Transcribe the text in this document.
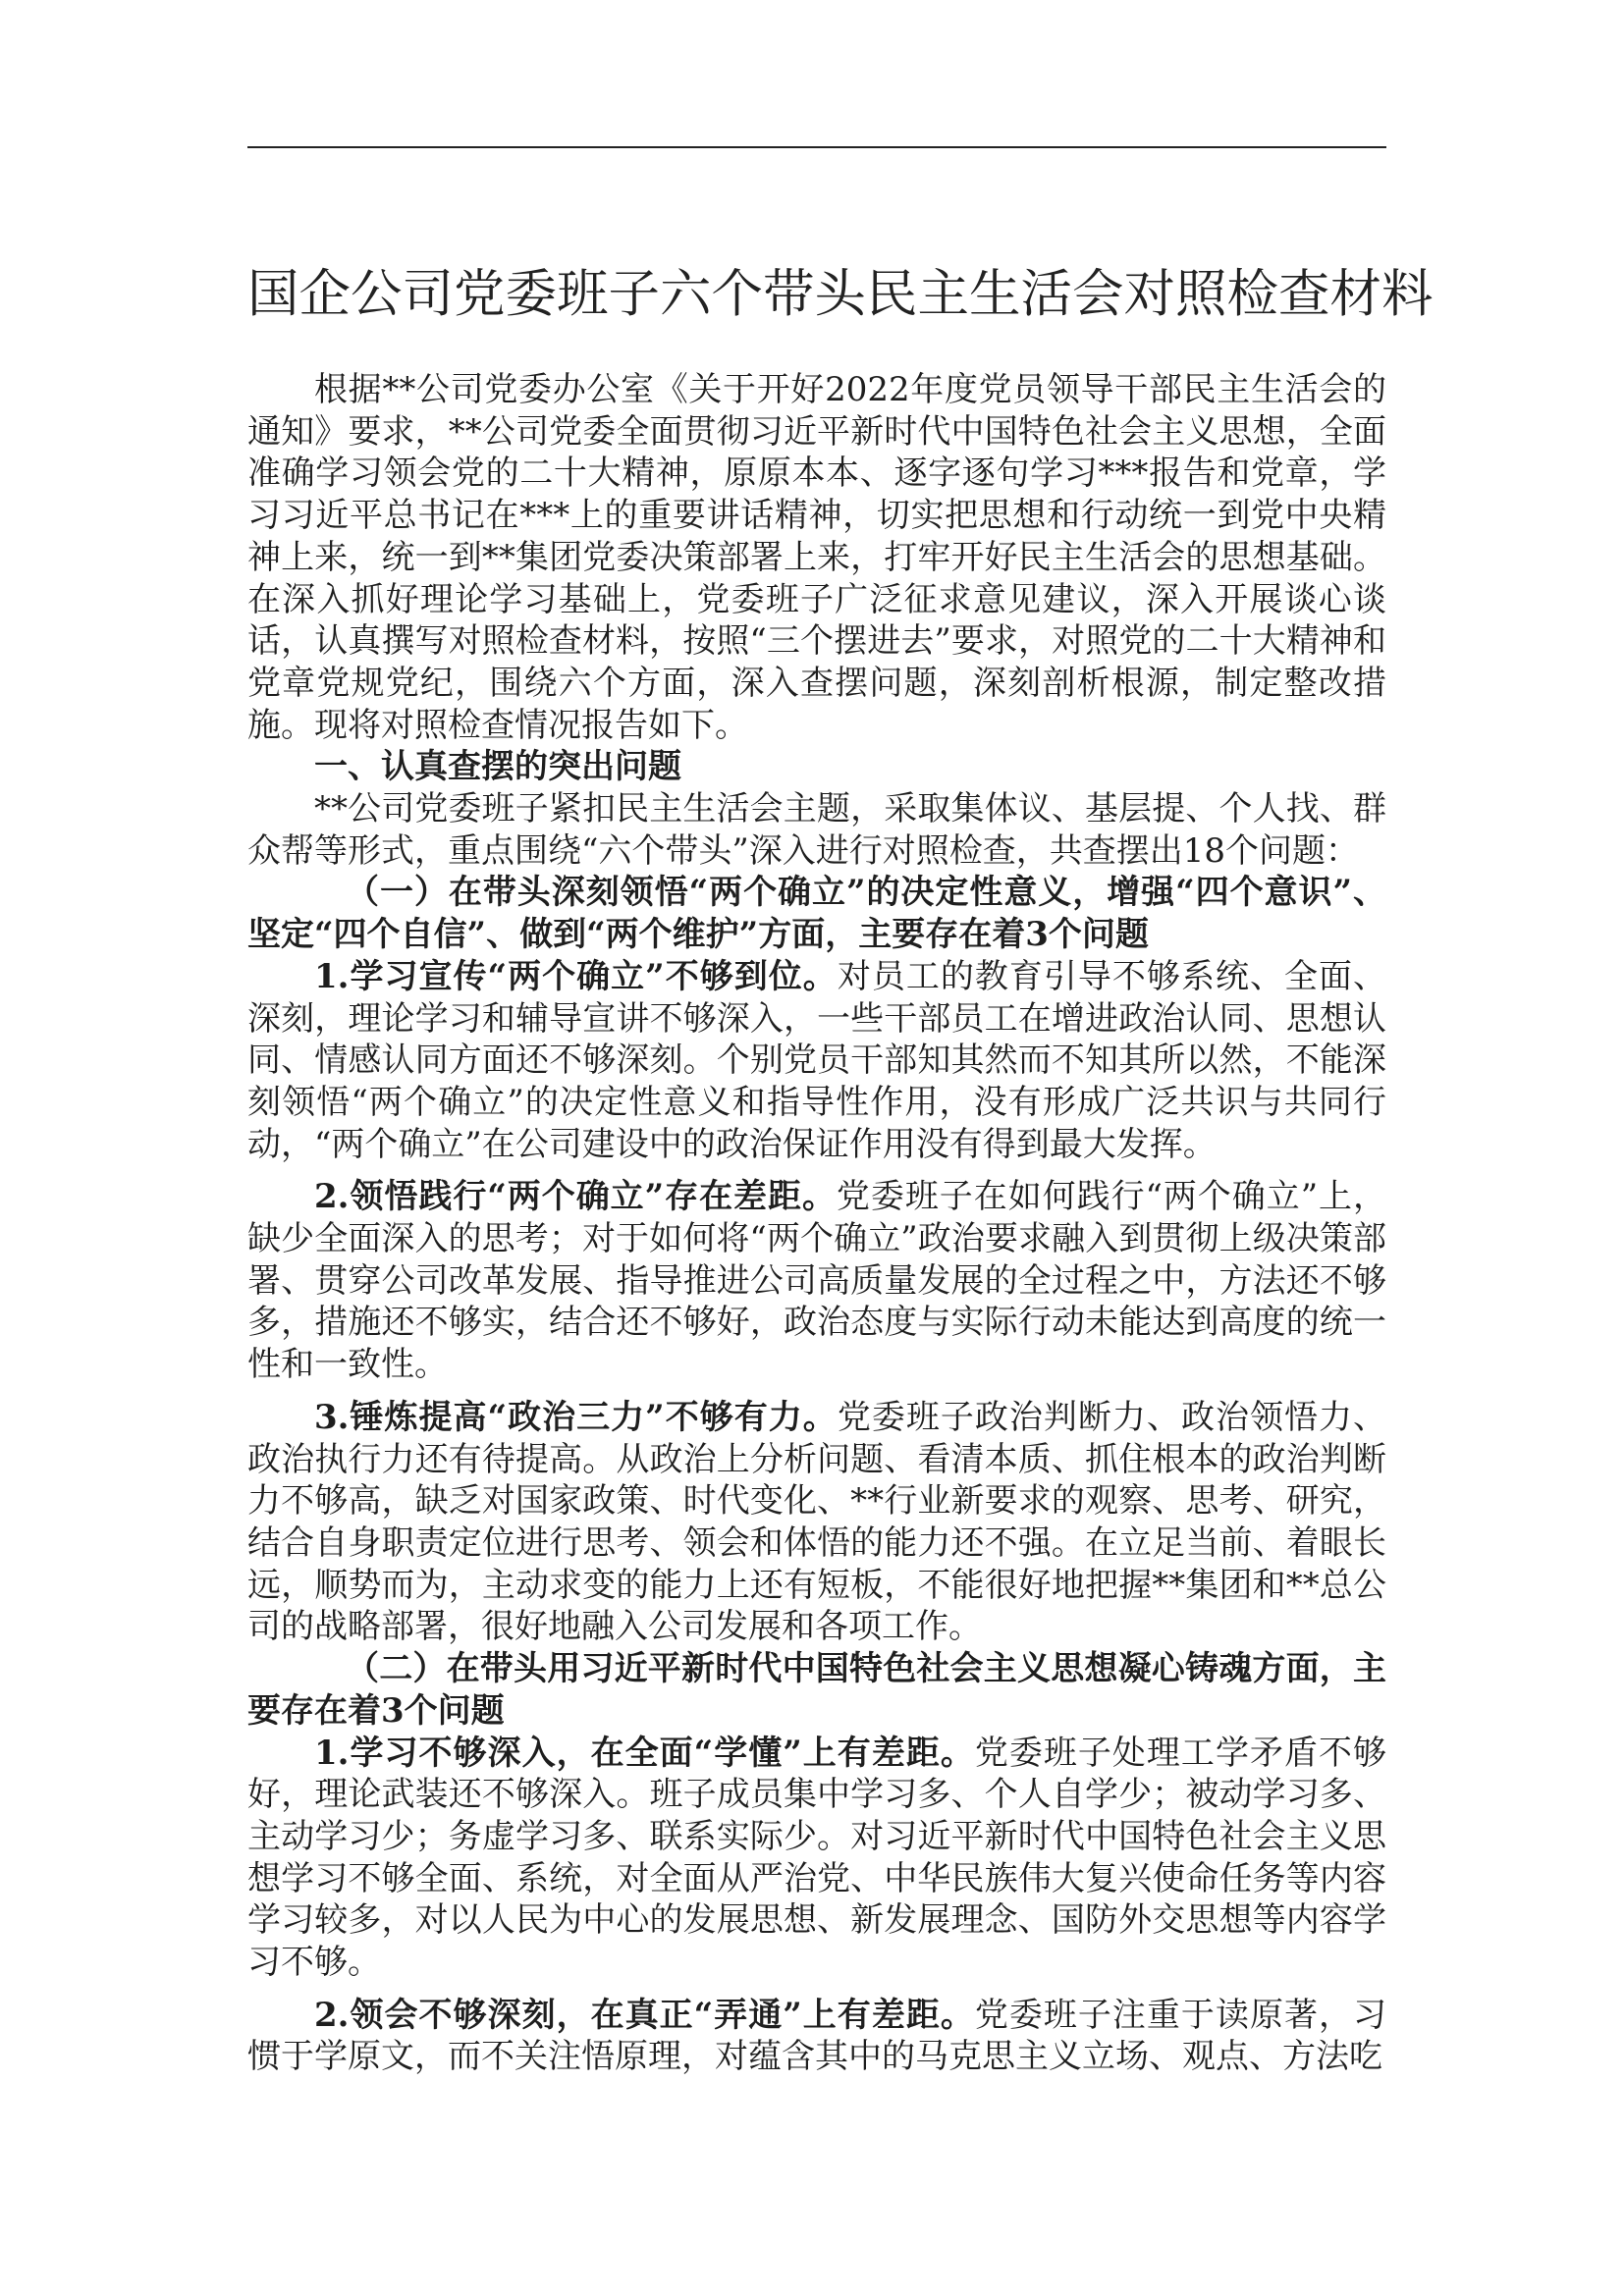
国企公司党委班子六个带头民主生活会对照检查材料

根据**公司党委办公室《关于开好2022年度党员领导干部民主生活会的通知》要求，**公司党委全面贯彻习近平新时代中国特色社会主义思想，全面准确学习领会党的二十大精神，原原本本、逐字逐句学习***报告和党章，学习习近平总书记在***上的重要讲话精神，切实把思想和行动统一到党中央精神上来，统一到**集团党委决策部署上来，打牢开好民主生活会的思想基础。在深入抓好理论学习基础上，党委班子广泛征求意见建议，深入开展谈心谈话，认真撰写对照检查材料，按照“三个摆进去”要求，对照党的二十大精神和党章党规党纪，围绕六个方面，深入查摆问题，深刻剖析根源，制定整改措施。现将对照检查情况报告如下。

一、认真查摆的突出问题

**公司党委班子紧扣民主生活会主题，采取集体议、基层提、个人找、群众帮等形式，重点围绕“六个带头”深入进行对照检查，共查摆出18个问题：

（一）在带头深刻领悟“两个确立”的决定性意义，增强“四个意识”、坚定“四个自信”、做到“两个维护”方面，主要存在着3个问题

1.学习宣传“两个确立”不够到位。对员工的教育引导不够系统、全面、深刻，理论学习和辅导宣讲不够深入，一些干部员工在增进政治认同、思想认同、情感认同方面还不够深刻。个别党员干部知其然而不知其所以然，不能深刻领悟“两个确立”的决定性意义和指导性作用，没有形成广泛共识与共同行动，“两个确立”在公司建设中的政治保证作用没有得到最大发挥。

2.领悟践行“两个确立”存在差距。党委班子在如何践行“两个确立”上，缺少全面深入的思考；对于如何将“两个确立”政治要求融入到贯彻上级决策部署、贯穿公司改革发展、指导推进公司高质量发展的全过程之中，方法还不够多，措施还不够实，结合还不够好，政治态度与实际行动未能达到高度的统一性和一致性。

3.锤炼提高“政治三力”不够有力。党委班子政治判断力、政治领悟力、政治执行力还有待提高。从政治上分析问题、看清本质、抓住根本的政治判断力不够高，缺乏对国家政策、时代变化、**行业新要求的观察、思考、研究，结合自身职责定位进行思考、领会和体悟的能力还不强。在立足当前、着眼长远，顺势而为，主动求变的能力上还有短板，不能很好地把握**集团和**总公司的战略部署，很好地融入公司发展和各项工作。

（二）在带头用习近平新时代中国特色社会主义思想凝心铸魂方面，主要存在着3个问题

1.学习不够深入，在全面“学懂”上有差距。党委班子处理工学矛盾不够好，理论武装还不够深入。班子成员集中学习多、个人自学少；被动学习多、主动学习少；务虚学习多、联系实际少。对习近平新时代中国特色社会主义思想学习不够全面、系统，对全面从严治党、中华民族伟大复兴使命任务等内容学习较多，对以人民为中心的发展思想、新发展理念、国防外交思想等内容学习不够。

2.领会不够深刻，在真正“弄通”上有差距。党委班子注重于读原著，习惯于学原文，而不关注悟原理，对蕴含其中的马克思主义立场、观点、方法吃
